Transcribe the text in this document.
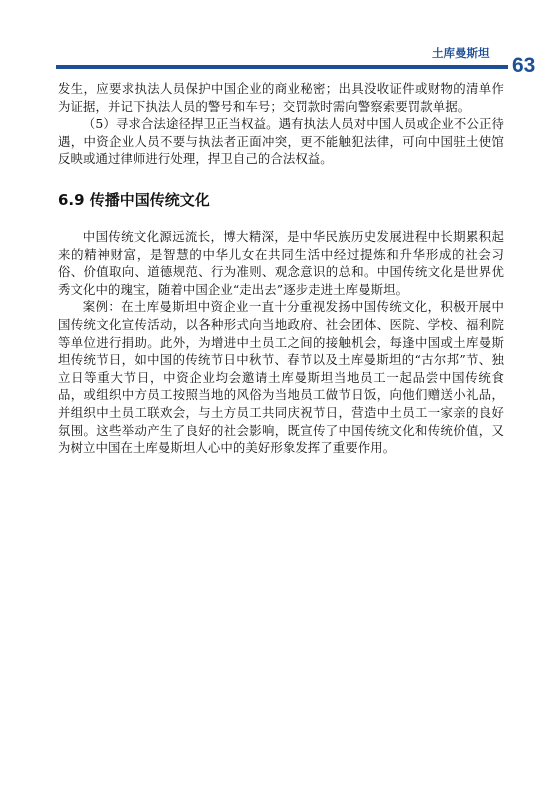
土库曼斯坦
63

发生，应要求执法人员保护中国企业的商业秘密；出具没收证件或财物的清单作为证据，并记下执法人员的警号和车号；交罚款时需向警察索要罚款单据。

（5）寻求合法途径捍卫正当权益。遇有执法人员对中国人员或企业不公正待遇，中资企业人员不要与执法者正面冲突，更不能触犯法律，可向中国驻土使馆反映或通过律师进行处理，捍卫自己的合法权益。

6.9 传播中国传统文化

中国传统文化源远流长，博大精深，是中华民族历史发展进程中长期累积起来的精神财富，是智慧的中华儿女在共同生活中经过提炼和升华形成的社会习俗、价值取向、道德规范、行为准则、观念意识的总和。中国传统文化是世界优秀文化中的瑰宝，随着中国企业“走出去”逐步走进土库曼斯坦。

案例：在土库曼斯坦中资企业一直十分重视发扬中国传统文化，积极开展中国传统文化宣传活动，以各种形式向当地政府、社会团体、医院、学校、福利院等单位进行捐助。此外，为增进中土员工之间的接触机会，每逢中国或土库曼斯坦传统节日，如中国的传统节日中秋节、春节以及土库曼斯坦的“古尔邦”节、独立日等重大节日，中资企业均会邀请土库曼斯坦当地员工一起品尝中国传统食品，或组织中方员工按照当地的风俗为当地员工做节日饭，向他们赠送小礼品，并组织中土员工联欢会，与土方员工共同庆祝节日，营造中土员工一家亲的良好氛围。这些举动产生了良好的社会影响，既宣传了中国传统文化和传统价值，又为树立中国在土库曼斯坦人心中的美好形象发挥了重要作用。
